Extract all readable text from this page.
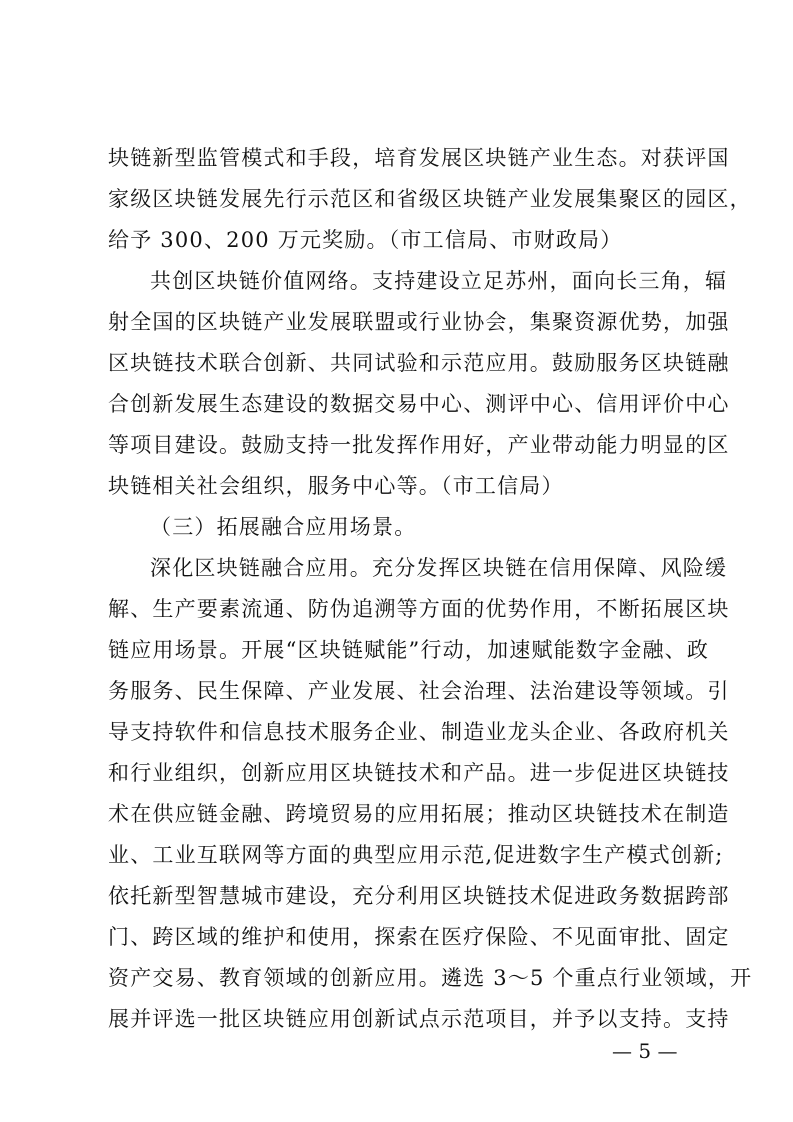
块链新型监管模式和手段，培育发展区块链产业生态。对获评国
家级区块链发展先行示范区和省级区块链产业发展集聚区的园区，
给予 300、200 万元奖励。（市工信局、市财政局）
共创区块链价值网络。支持建设立足苏州，面向长三角，辐
射全国的区块链产业发展联盟或行业协会，集聚资源优势，加强
区块链技术联合创新、共同试验和示范应用。鼓励服务区块链融
合创新发展生态建设的数据交易中心、测评中心、信用评价中心
等项目建设。鼓励支持一批发挥作用好，产业带动能力明显的区
块链相关社会组织，服务中心等。（市工信局）
（三）拓展融合应用场景。
深化区块链融合应用。充分发挥区块链在信用保障、风险缓
解、生产要素流通、防伪追溯等方面的优势作用，不断拓展区块
链应用场景。开展“区块链赋能”行动，加速赋能数字金融、政
务服务、民生保障、产业发展、社会治理、法治建设等领域。引
导支持软件和信息技术服务企业、制造业龙头企业、各政府机关
和行业组织，创新应用区块链技术和产品。进一步促进区块链技
术在供应链金融、跨境贸易的应用拓展；推动区块链技术在制造
业、工业互联网等方面的典型应用示范,促进数字生产模式创新;
依托新型智慧城市建设，充分利用区块链技术促进政务数据跨部
门、跨区域的维护和使用，探索在医疗保险、不见面审批、固定
资产交易、教育领域的创新应用。遴选 3～5 个重点行业领域，开
展并评选一批区块链应用创新试点示范项目，并予以支持。支持
— 5 —
